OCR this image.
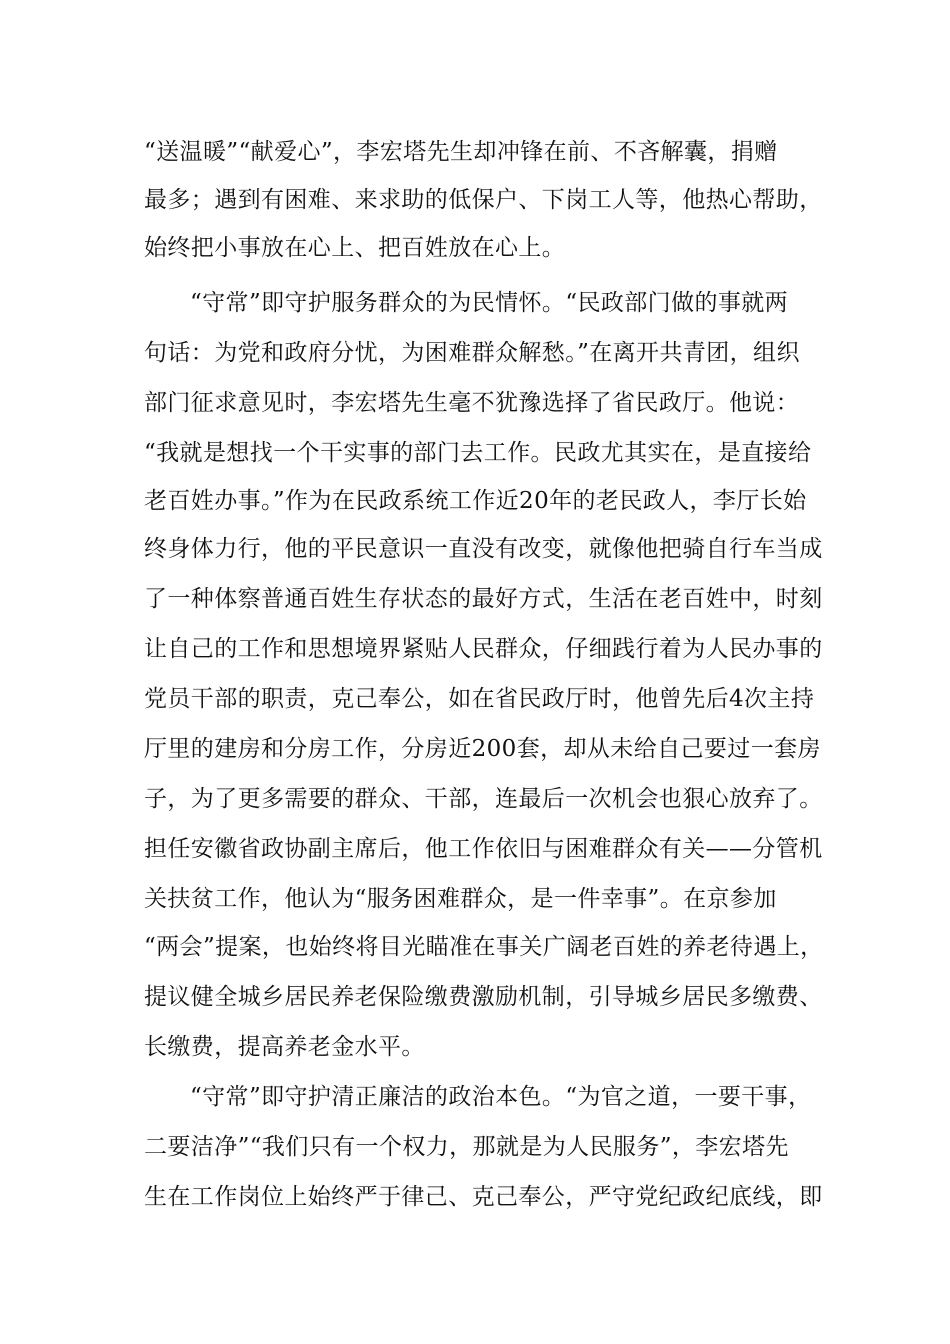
“送温暖”“献爱心”，李宏塔先生却冲锋在前、不吝解囊，捐赠
最多；遇到有困难、来求助的低保户、下岗工人等，他热心帮助，
始终把小事放在心上、把百姓放在心上。
“守常”即守护服务群众的为民情怀。“民政部门做的事就两
句话：为党和政府分忧，为困难群众解愁。”在离开共青团，组织
部门征求意见时，李宏塔先生毫不犹豫选择了省民政厅。他说：
“我就是想找一个干实事的部门去工作。民政尤其实在，是直接给
老百姓办事。”作为在民政系统工作近20年的老民政人，李厅长始
终身体力行，他的平民意识一直没有改变，就像他把骑自行车当成
了一种体察普通百姓生存状态的最好方式，生活在老百姓中，时刻
让自己的工作和思想境界紧贴人民群众，仔细践行着为人民办事的
党员干部的职责，克己奉公，如在省民政厅时，他曾先后4次主持
厅里的建房和分房工作，分房近200套，却从未给自己要过一套房
子，为了更多需要的群众、干部，连最后一次机会也狠心放弃了。
担任安徽省政协副主席后，他工作依旧与困难群众有关——分管机
关扶贫工作，他认为“服务困难群众，是一件幸事”。在京参加
“两会”提案，也始终将目光瞄准在事关广阔老百姓的养老待遇上，
提议健全城乡居民养老保险缴费激励机制，引导城乡居民多缴费、
长缴费，提高养老金水平。
“守常”即守护清正廉洁的政治本色。“为官之道，一要干事，
二要洁净”“我们只有一个权力，那就是为人民服务”，李宏塔先
生在工作岗位上始终严于律己、克己奉公，严守党纪政纪底线，即
